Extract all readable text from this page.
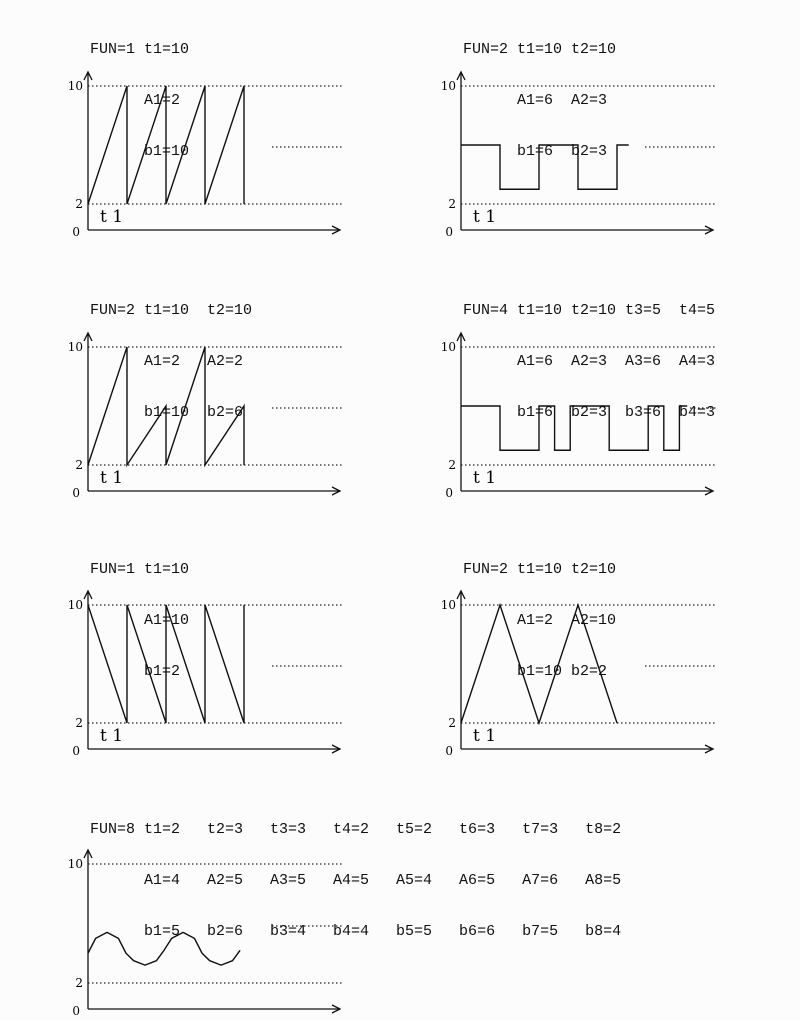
FUN=1 t1=10

A1=2

b1=10

FUN=2 t1=10 t2=10

A1=6  A2=3

b1=6  b2=3

FUN=2 t1=10  t2=10

A1=2   A2=2

b1=10  b2=6

FUN=4 t1=10 t2=10 t3=5  t4=5

A1=6  A2=3  A3=6  A4=3

b1=6  b2=3  b3=6  b4=3

FUN=1 t1=10

A1=10

b1=2

FUN=2 t1=10 t2=10

A1=2  A2=10

b1=10 b2=2

FUN=8 t1=2   t2=3   t3=3   t4=2   t5=2   t6=3   t7=3   t8=2

A1=4   A2=5   A3=5   A4=5   A5=4   A6=5   A7=6   A8=5

b1=5   b2=6   b3=4   b4=4   b5=5   b6=6   b7=5   b8=4

10
2
0
t 1
10
2
0
t 1
10
2
0
t 1
10
2
0
t 1
10
2
0
t 1
10
2
0
t 1
10
2
0
